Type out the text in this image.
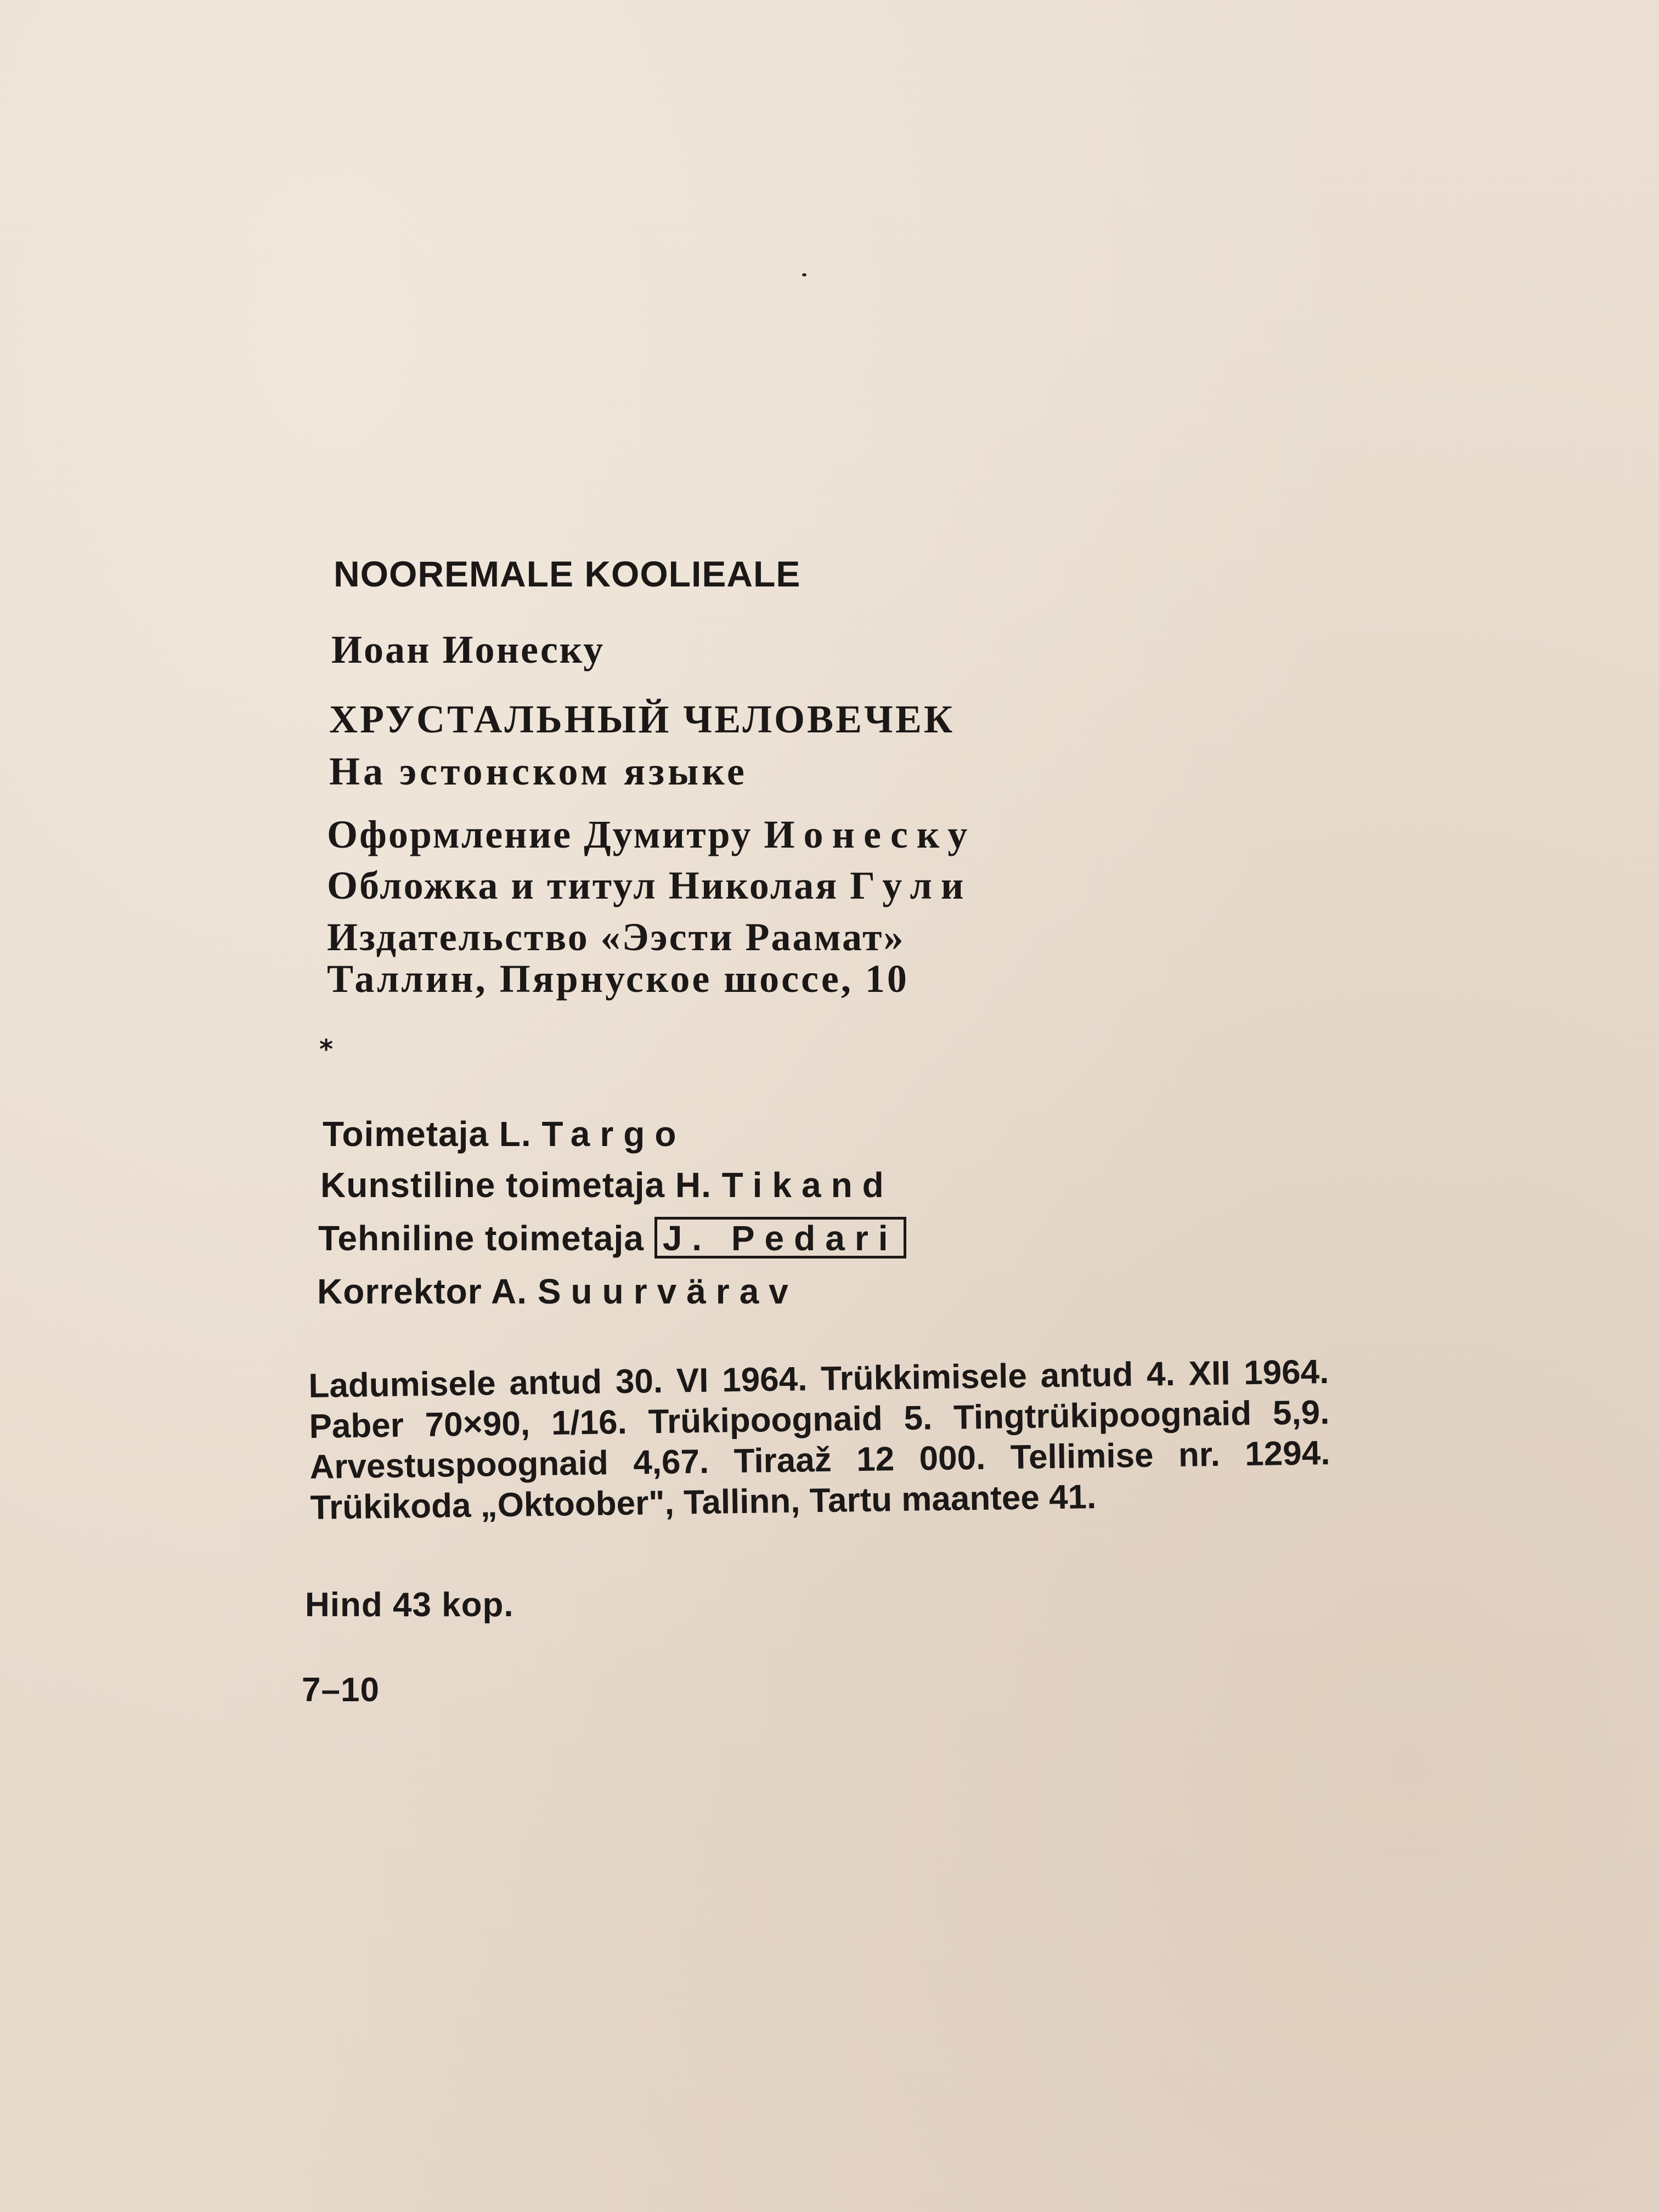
NOOREMALE KOOLIEALE

Иоан Ионеску

ХРУСТАЛЬНЫЙ ЧЕЛОВЕЧЕК

На эстонском языке

Оформление Думитру Ионеску

Обложка и титул Николая Гули

Издательство «Ээсти Раамат»

Таллин, Пярнуское шоссе, 10

*

Toimetaja L. Targo

Kunstiline toimetaja H. Tikand

Tehniline toimetaja J. Pedari

Korrektor A. Suurvärav

Ladumisele antud 30. VI 1964. Trükkimisele antud 4. XII 1964. Paber 70×90, 1/16. Trükipoognaid 5. Tingtrükipoognaid 5,9. Arvestuspoognaid 4,67. Tiraaž 12 000. Tellimise nr. 1294. Trükikoda „Oktoober", Tallinn, Tartu maantee 41.

Hind 43 kop.

7–10
